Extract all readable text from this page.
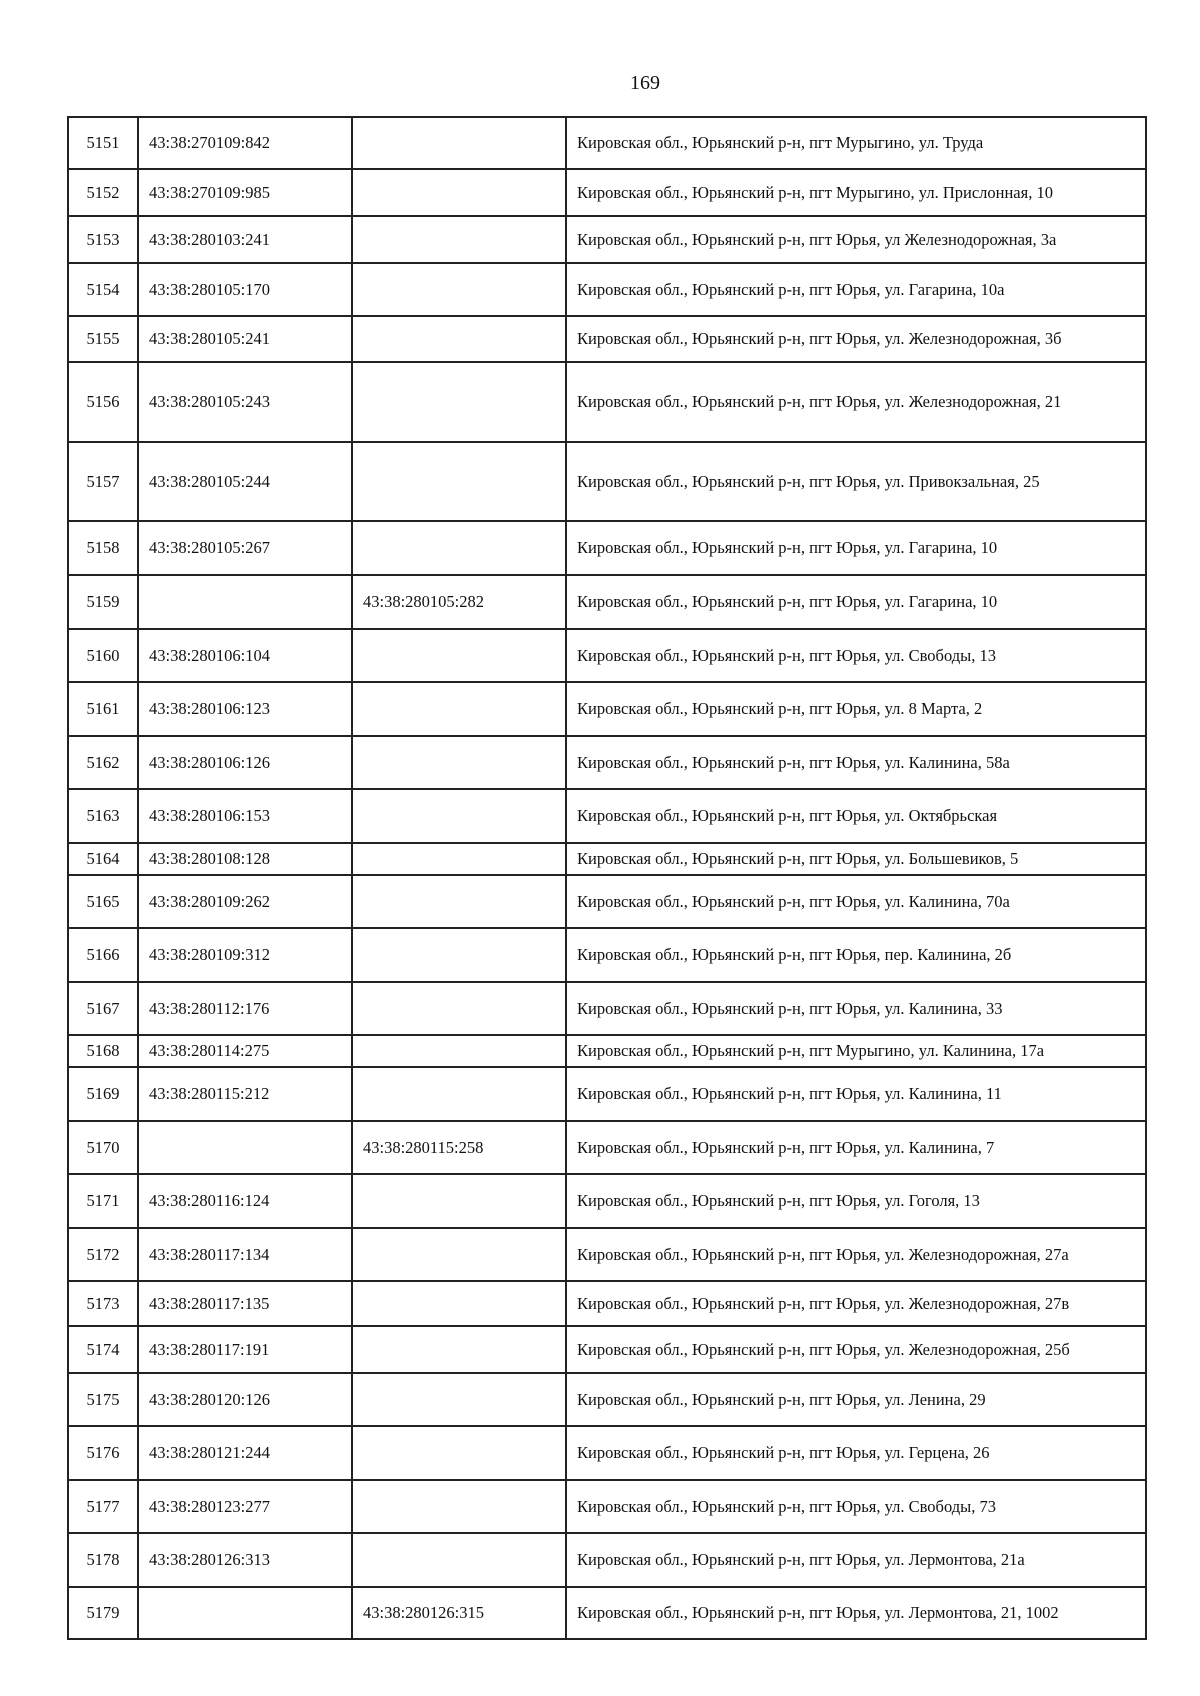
169
5151	43:38:270109:842		Кировская обл., Юрьянский р-н, пгт Мурыгино, ул. Труда
5152	43:38:270109:985		Кировская обл., Юрьянский р-н, пгт Мурыгино, ул. Прислонная, 10
5153	43:38:280103:241		Кировская обл., Юрьянский р-н, пгт Юрья, ул Железнодорожная, 3а
5154	43:38:280105:170		Кировская обл., Юрьянский р-н, пгт Юрья, ул. Гагарина, 10а
5155	43:38:280105:241		Кировская обл., Юрьянский р-н, пгт Юрья, ул. Железнодорожная, 3б
5156	43:38:280105:243		Кировская обл., Юрьянский р-н, пгт Юрья, ул. Железнодорожная, 21
5157	43:38:280105:244		Кировская обл., Юрьянский р-н, пгт Юрья, ул. Привокзальная, 25
5158	43:38:280105:267		Кировская обл., Юрьянский р-н, пгт Юрья, ул. Гагарина, 10
5159		43:38:280105:282	Кировская обл., Юрьянский р-н, пгт Юрья, ул. Гагарина, 10
5160	43:38:280106:104		Кировская обл., Юрьянский р-н, пгт Юрья, ул. Свободы, 13
5161	43:38:280106:123		Кировская обл., Юрьянский р-н, пгт Юрья, ул. 8 Марта, 2
5162	43:38:280106:126		Кировская обл., Юрьянский р-н, пгт Юрья, ул. Калинина, 58а
5163	43:38:280106:153		Кировская обл., Юрьянский р-н, пгт Юрья, ул. Октябрьская
5164	43:38:280108:128		Кировская обл., Юрьянский р-н, пгт Юрья, ул. Большевиков, 5
5165	43:38:280109:262		Кировская обл., Юрьянский р-н, пгт Юрья, ул. Калинина, 70а
5166	43:38:280109:312		Кировская обл., Юрьянский р-н, пгт Юрья, пер. Калинина, 2б
5167	43:38:280112:176		Кировская обл., Юрьянский р-н, пгт Юрья, ул. Калинина, 33
5168	43:38:280114:275		Кировская обл., Юрьянский р-н, пгт Мурыгино, ул. Калинина, 17а
5169	43:38:280115:212		Кировская обл., Юрьянский р-н, пгт Юрья, ул. Калинина, 11
5170		43:38:280115:258	Кировская обл., Юрьянский р-н, пгт Юрья, ул. Калинина, 7
5171	43:38:280116:124		Кировская обл., Юрьянский р-н, пгт Юрья, ул. Гоголя, 13
5172	43:38:280117:134		Кировская обл., Юрьянский р-н, пгт Юрья, ул. Железнодорожная, 27а
5173	43:38:280117:135		Кировская обл., Юрьянский р-н, пгт Юрья, ул. Железнодорожная, 27в
5174	43:38:280117:191		Кировская обл., Юрьянский р-н, пгт Юрья, ул. Железнодорожная, 25б
5175	43:38:280120:126		Кировская обл., Юрьянский р-н, пгт Юрья, ул. Ленина, 29
5176	43:38:280121:244		Кировская обл., Юрьянский р-н, пгт Юрья, ул. Герцена, 26
5177	43:38:280123:277		Кировская обл., Юрьянский р-н, пгт Юрья, ул. Свободы, 73
5178	43:38:280126:313		Кировская обл., Юрьянский р-н, пгт Юрья, ул. Лермонтова, 21а
5179		43:38:280126:315	Кировская обл., Юрьянский р-н, пгт Юрья, ул. Лермонтова, 21, 1002
